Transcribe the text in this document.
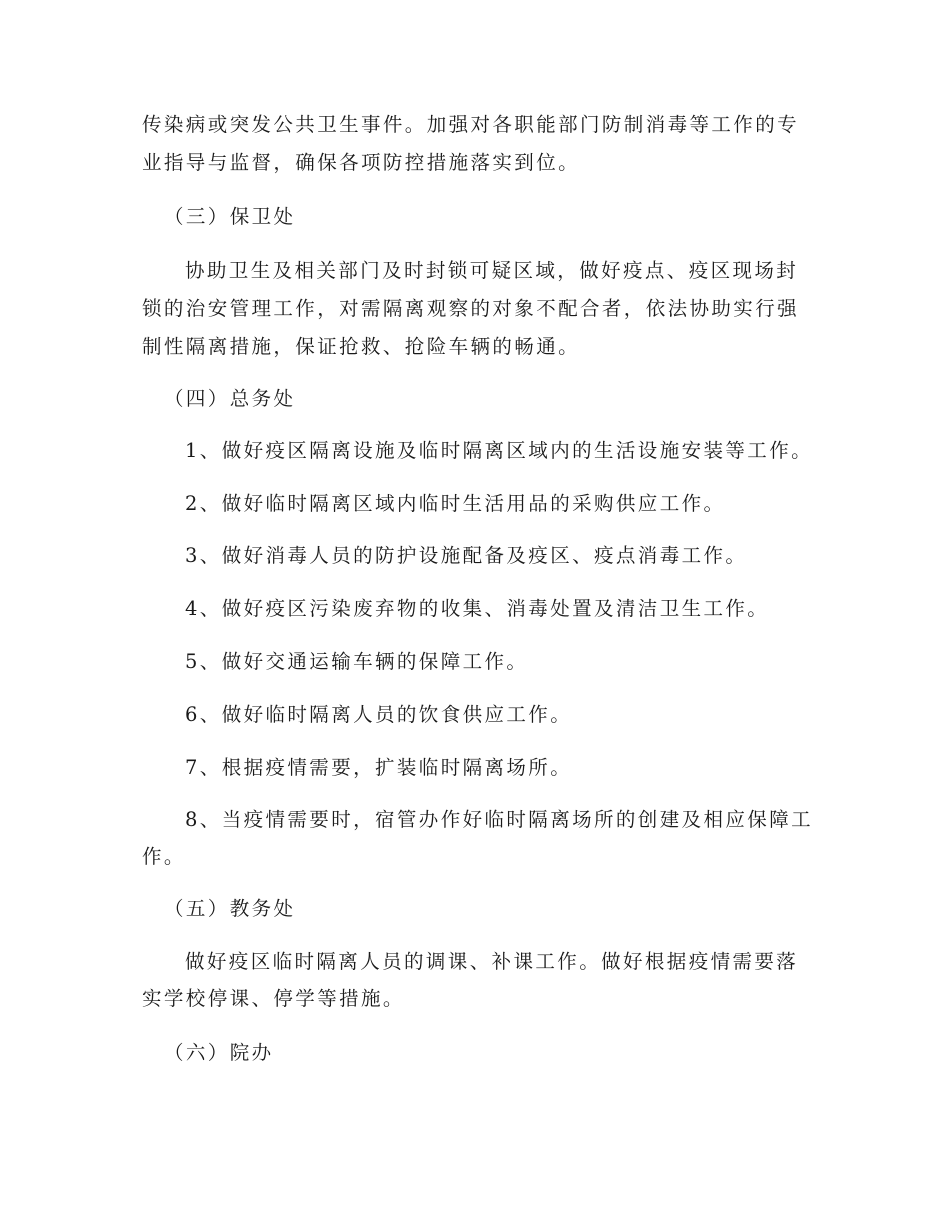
传染病或突发公共卫生事件。加强对各职能部门防制消毒等工作的专
业指导与监督，确保各项防控措施落实到位。
（三）保卫处
协助卫生及相关部门及时封锁可疑区域，做好疫点、疫区现场封
锁的治安管理工作，对需隔离观察的对象不配合者，依法协助实行强
制性隔离措施，保证抢救、抢险车辆的畅通。
（四）总务处
1、做好疫区隔离设施及临时隔离区域内的生活设施安装等工作。
2、做好临时隔离区域内临时生活用品的采购供应工作。
3、做好消毒人员的防护设施配备及疫区、疫点消毒工作。
4、做好疫区污染废弃物的收集、消毒处置及清洁卫生工作。
5、做好交通运输车辆的保障工作。
6、做好临时隔离人员的饮食供应工作。
7、根据疫情需要，扩装临时隔离场所。
8、当疫情需要时，宿管办作好临时隔离场所的创建及相应保障工
作。
（五）教务处
做好疫区临时隔离人员的调课、补课工作。做好根据疫情需要落
实学校停课、停学等措施。
（六）院办
